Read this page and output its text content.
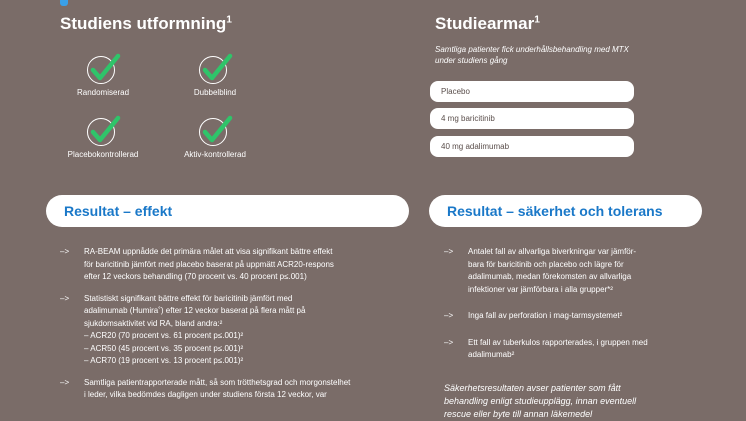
Studiens utformning$^1$
Randomiserad	Dubbelblind
Placebokontrollerad	Aktiv-kontrollerad
Studiearmar$^1$
Samtliga patienter fick underhållsbehandling med MTX under studiens gång
Placebo
4 mg baricitinib
40 mg adalimumab
Resultat – effekt
–> RA-BEAM uppnådde det primära målet att visa signifikant bättre effekt
för baricitinib jämfört med placebo baserat på uppmätt ACR20-respons
efter 12 veckors behandling (70 procent vs. 40 procent p≤.001)
–> Statistiskt signifikant bättre effekt för baricitinib jämfört med
adalimumab (Humira˚) efter 12 veckor baserat på flera mått på
sjukdomsaktivitet vid RA, bland andra:²
– ACR20 (70 procent vs. 61 procent p≤.001)²
– ACR50 (45 procent vs. 35 procent p≤.001)²
– ACR70 (19 procent vs. 13 procent p≤.001)²
–> Samtliga patientrapporterade mått, så som trötthetsgrad och morgonstelhet
i leder, vilka bedömdes dagligen under studiens första 12 veckor, var
Resultat – säkerhet och tolerans
–> Antalet fall av allvarliga biverkningar var jämför-
bara för baricitinib och placebo och lägre för
adalimumab, medan förekomsten av allvarliga
infektioner var jämförbara i alla grupper*²
–> Inga fall av perforation i mag-tarmsystemet²
–> Ett fall av tuberkulos rapporterades, i gruppen med
adalimumab²
Säkerhetsresultaten avser patienter som fått
behandling enligt studieupplägg, innan eventuell
rescue eller byte till annan läkemedel
